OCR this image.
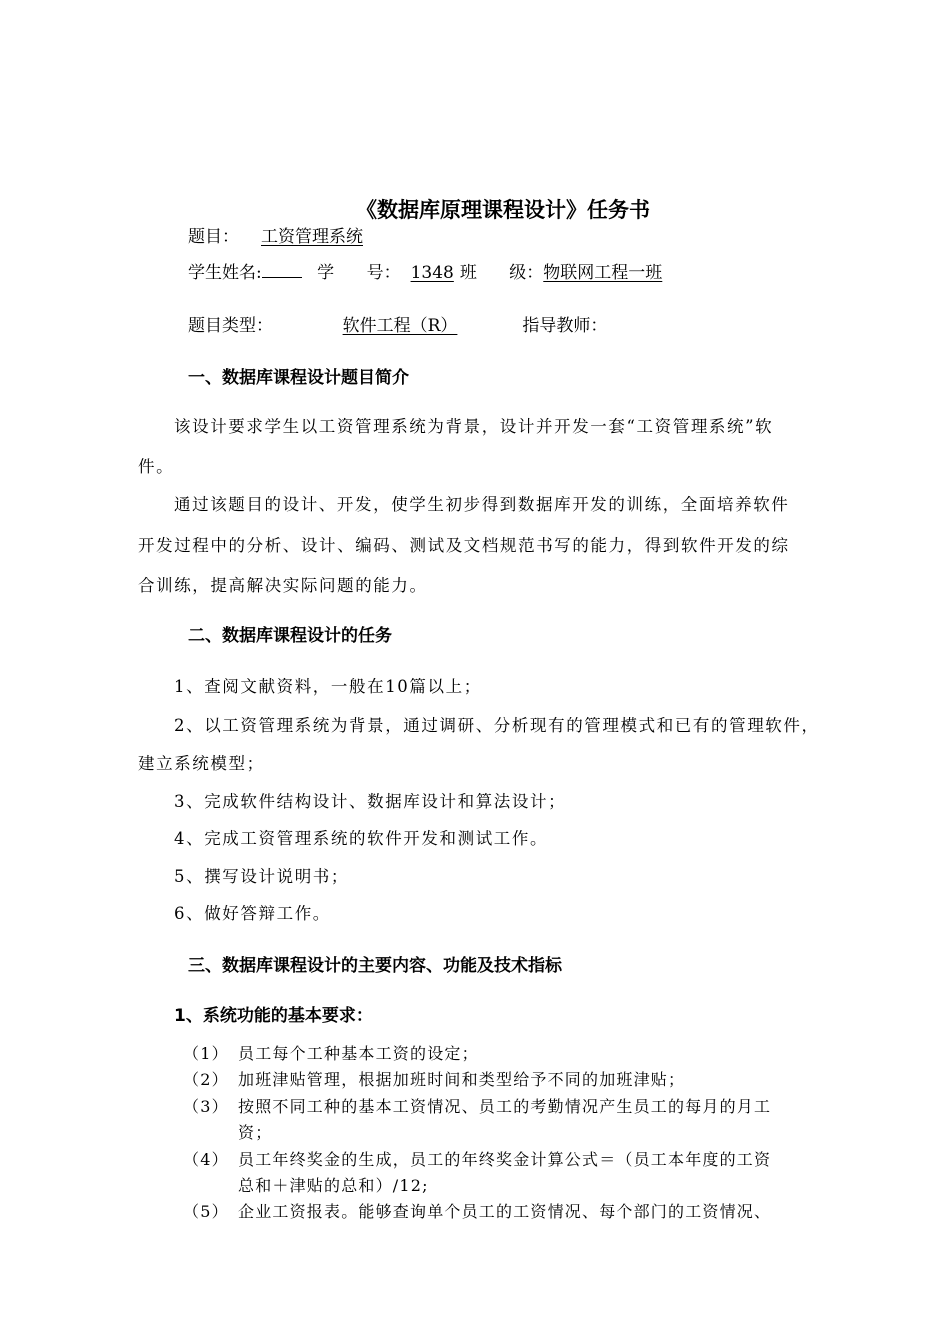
《数据库原理课程设计》任务书
题目： 工资管理系统
学生姓名:	学      号： 1348 班      级：物联网工程一班
题目类型：	软件工程（R）	指导教师：
一、数据库课程设计题目简介
该设计要求学生以工资管理系统为背景，设计并开发一套“工资管理系统”软
件。
通过该题目的设计、开发，使学生初步得到数据库开发的训练，全面培养软件
开发过程中的分析、设计、编码、测试及文档规范书写的能力，得到软件开发的综
合训练，提高解决实际问题的能力。
二、数据库课程设计的任务
1、查阅文献资料，一般在10篇以上；
2、以工资管理系统为背景，通过调研、分析现有的管理模式和已有的管理软件，
建立系统模型；
3、完成软件结构设计、数据库设计和算法设计；
4、完成工资管理系统的软件开发和测试工作。
5、撰写设计说明书；
6、做好答辩工作。
三、数据库课程设计的主要内容、功能及技术指标
1、系统功能的基本要求：
（1） 员工每个工种基本工资的设定；
（2） 加班津贴管理，根据加班时间和类型给予不同的加班津贴；
（3） 按照不同工种的基本工资情况、员工的考勤情况产生员工的每月的月工
资；
（4） 员工年终奖金的生成，员工的年终奖金计算公式＝（员工本年度的工资
总和＋津贴的总和）/12;
（5） 企业工资报表。能够查询单个员工的工资情况、每个部门的工资情况、
